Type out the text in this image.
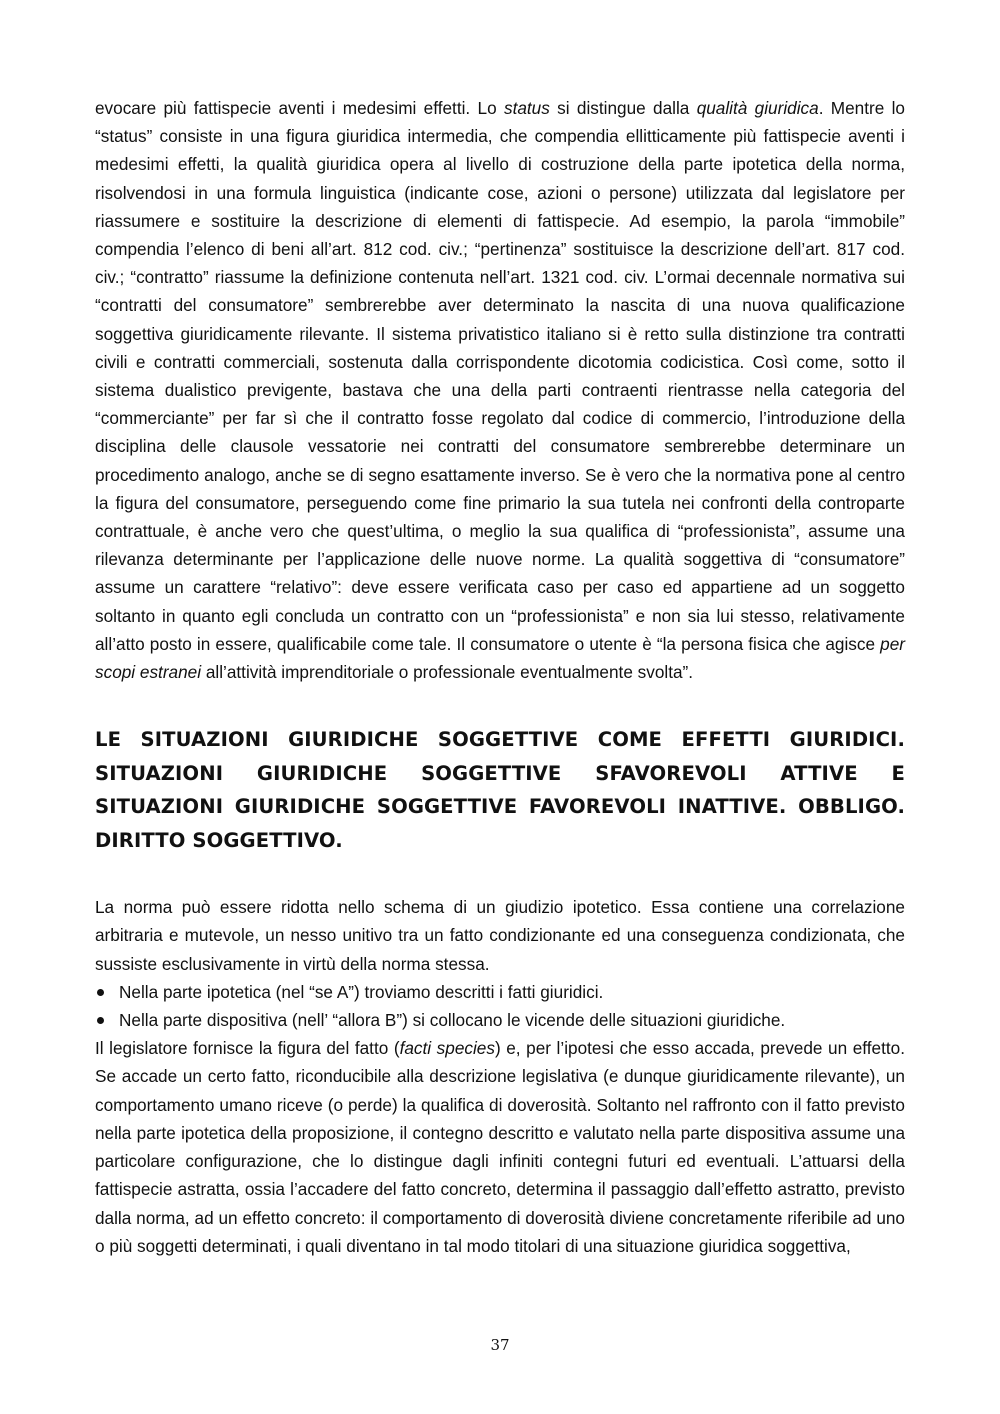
evocare più fattispecie aventi i medesimi effetti. Lo status si distingue dalla qualità giuridica. Mentre lo “status” consiste in una figura giuridica intermedia, che compendia ellitticamente più fattispecie aventi i medesimi effetti, la qualità giuridica opera al livello di costruzione della parte ipotetica della norma, risolvendosi in una formula linguistica (indicante cose, azioni o persone) utilizzata dal legislatore per riassumere e sostituire la descrizione di elementi di fattispecie. Ad esempio, la parola “immobile” compendia l’elenco di beni all’art. 812 cod. civ.; “pertinenza” sostituisce la descrizione dell’art. 817 cod. civ.; “contratto” riassume la definizione contenuta nell’art. 1321 cod. civ. L’ormai decennale normativa sui “contratti del consumatore” sembrerebbe aver determinato la nascita di una nuova qualificazione soggettiva giuridicamente rilevante. Il sistema privatistico italiano si è retto sulla distinzione tra contratti civili e contratti commerciali, sostenuta dalla corrispondente dicotomia codicistica. Così come, sotto il sistema dualistico previgente, bastava che una della parti contraenti rientrasse nella categoria del “commerciante” per far sì che il contratto fosse regolato dal codice di commercio, l’introduzione della disciplina delle clausole vessatorie nei contratti del consumatore sembrerebbe determinare un procedimento analogo, anche se di segno esattamente inverso. Se è vero che la normativa pone al centro la figura del consumatore, perseguendo come fine primario la sua tutela nei confronti della controparte contrattuale, è anche vero che quest’ultima, o meglio la sua qualifica di “professionista”, assume una rilevanza determinante per l’applicazione delle nuove norme. La qualità soggettiva di “consumatore” assume un carattere “relativo”: deve essere verificata caso per caso ed appartiene ad un soggetto soltanto in quanto egli concluda un contratto con un “professionista” e non sia lui stesso, relativamente all’atto posto in essere, qualificabile come tale. Il consumatore o utente è “la persona fisica che agisce per scopi estranei all’attività imprenditoriale o professionale eventualmente svolta”.

LE SITUAZIONI GIURIDICHE SOGGETTIVE COME EFFETTI GIURIDICI. SITUAZIONI GIURIDICHE SOGGETTIVE SFAVOREVOLI ATTIVE E SITUAZIONI GIURIDICHE SOGGETTIVE FAVOREVOLI INATTIVE. OBBLIGO. DIRITTO SOGGETTIVO.

La norma può essere ridotta nello schema di un giudizio ipotetico. Essa contiene una correlazione arbitraria e mutevole, un nesso unitivo tra un fatto condizionante ed una conseguenza condizionata, che sussiste esclusivamente in virtù della norma stessa.

Nella parte ipotetica (nel “se A”) troviamo descritti i fatti giuridici.
Nella parte dispositiva (nell’ “allora B”) si collocano le vicende delle situazioni giuridiche.

Il legislatore fornisce la figura del fatto (facti species) e, per l’ipotesi che esso accada, prevede un effetto. Se accade un certo fatto, riconducibile alla descrizione legislativa (e dunque giuridicamente rilevante), un comportamento umano riceve (o perde) la qualifica di doverosità. Soltanto nel raffronto con il fatto previsto nella parte ipotetica della proposizione, il contegno descritto e valutato nella parte dispositiva assume una particolare configurazione, che lo distingue dagli infiniti contegni futuri ed eventuali. L’attuarsi della fattispecie astratta, ossia l’accadere del fatto concreto, determina il passaggio dall’effetto astratto, previsto dalla norma, ad un effetto concreto: il comportamento di doverosità diviene concretamente riferibile ad uno o più soggetti determinati, i quali diventano in tal modo titolari di una situazione giuridica soggettiva,

37
